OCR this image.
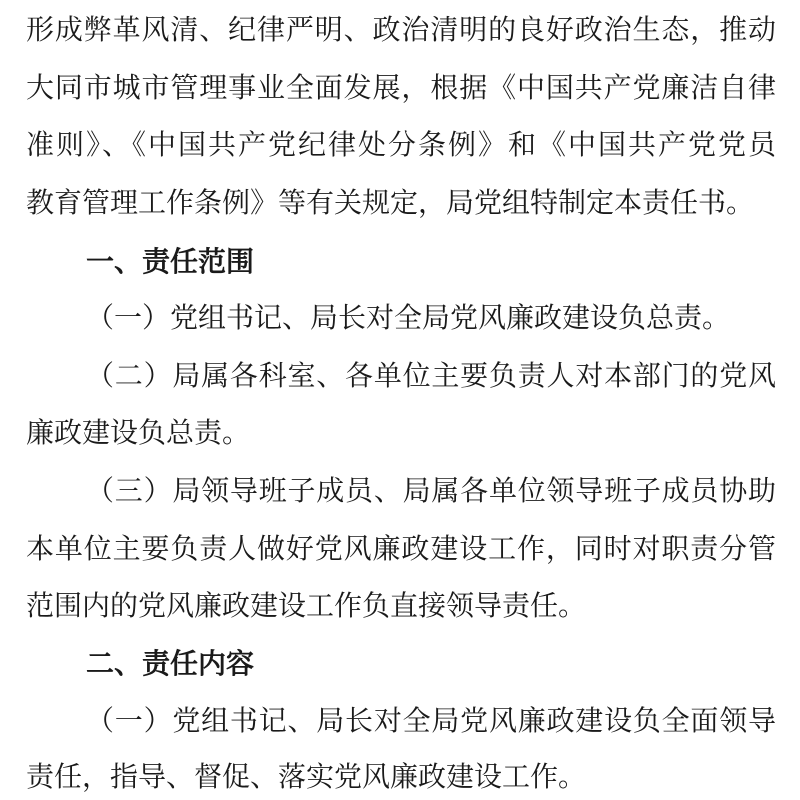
形成弊革风清、纪律严明、政治清明的良好政治生态，推动
大同市城市管理事业全面发展，根据《中国共产党廉洁自律
准则》、《中国共产党纪律处分条例》和《中国共产党党员
教育管理工作条例》等有关规定，局党组特制定本责任书。
一、责任范围
（一）党组书记、局长对全局党风廉政建设负总责。
（二）局属各科室、各单位主要负责人对本部门的党风
廉政建设负总责。
（三）局领导班子成员、局属各单位领导班子成员协助
本单位主要负责人做好党风廉政建设工作，同时对职责分管
范围内的党风廉政建设工作负直接领导责任。
二、责任内容
（一）党组书记、局长对全局党风廉政建设负全面领导
责任，指导、督促、落实党风廉政建设工作。
